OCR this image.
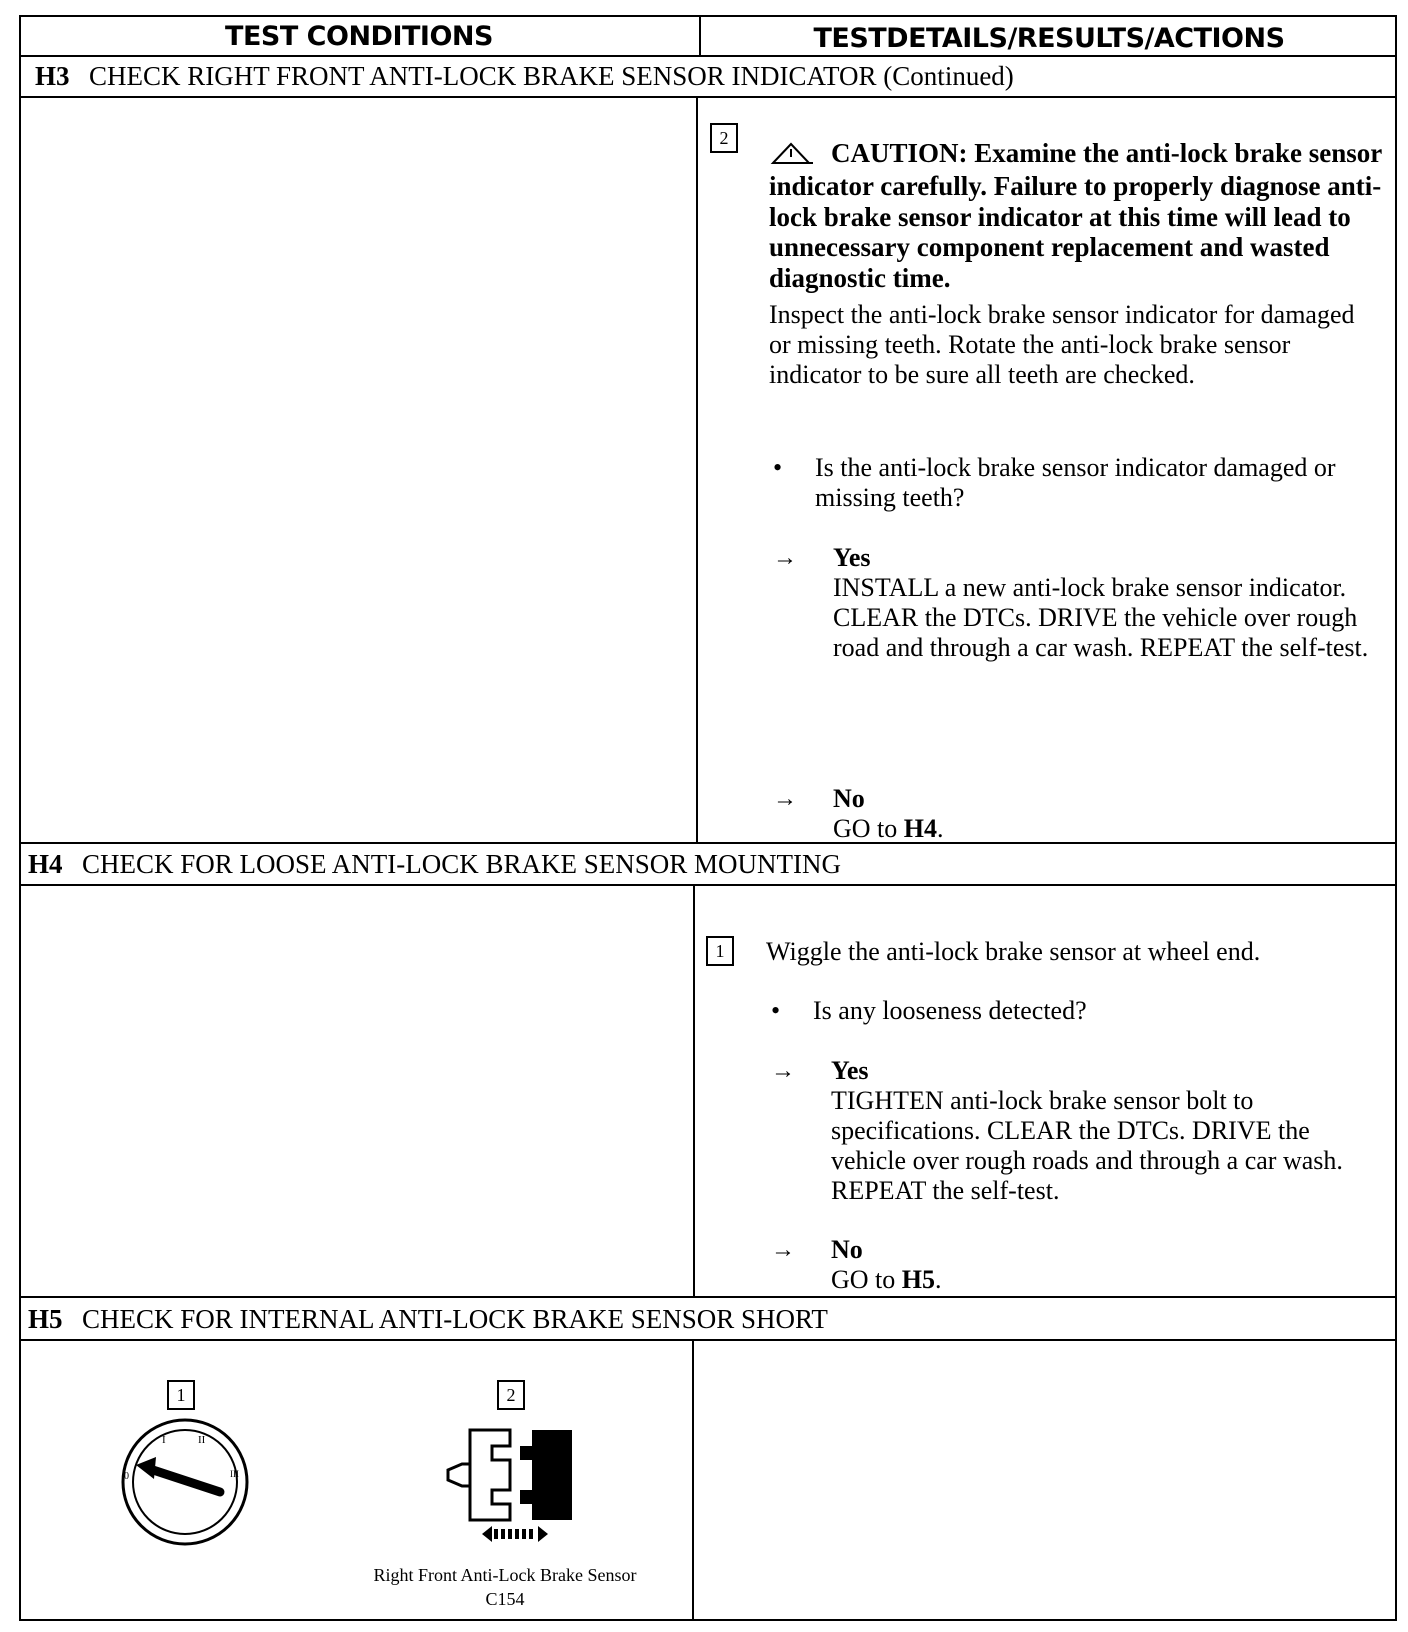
TEST CONDITIONS	TESTDETAILS/RESULTS/ACTIONS
H3 CHECK RIGHT FRONT ANTI-LOCK BRAKE SENSOR INDICATOR (Continued)
2
CAUTION: Examine the anti-lock brake sensor indicator carefully. Failure to properly diagnose anti-lock brake sensor indicator at this time will lead to unnecessary component replacement and wasted diagnostic time.
Inspect the anti-lock brake sensor indicator for damaged or missing teeth. Rotate the anti-lock brake sensor indicator to be sure all teeth are checked.
• Is the anti-lock brake sensor indicator damaged or missing teeth?
→ Yes
INSTALL a new anti-lock brake sensor indicator. CLEAR the DTCs. DRIVE the vehicle over rough road and through a car wash. REPEAT the self-test.
→ No
GO to H4.
H4 CHECK FOR LOOSE ANTI-LOCK BRAKE SENSOR MOUNTING
1	Wiggle the anti-lock brake sensor at wheel end.
• Is any looseness detected?
→ Yes
TIGHTEN anti-lock brake sensor bolt to specifications. CLEAR the DTCs. DRIVE the vehicle over rough roads and through a car wash. REPEAT the self-test.
→ No
GO to H5.
H5 CHECK FOR INTERNAL ANTI-LOCK BRAKE SENSOR SHORT
1	2
I	II
0	III
Right Front Anti-Lock Brake Sensor
C154
